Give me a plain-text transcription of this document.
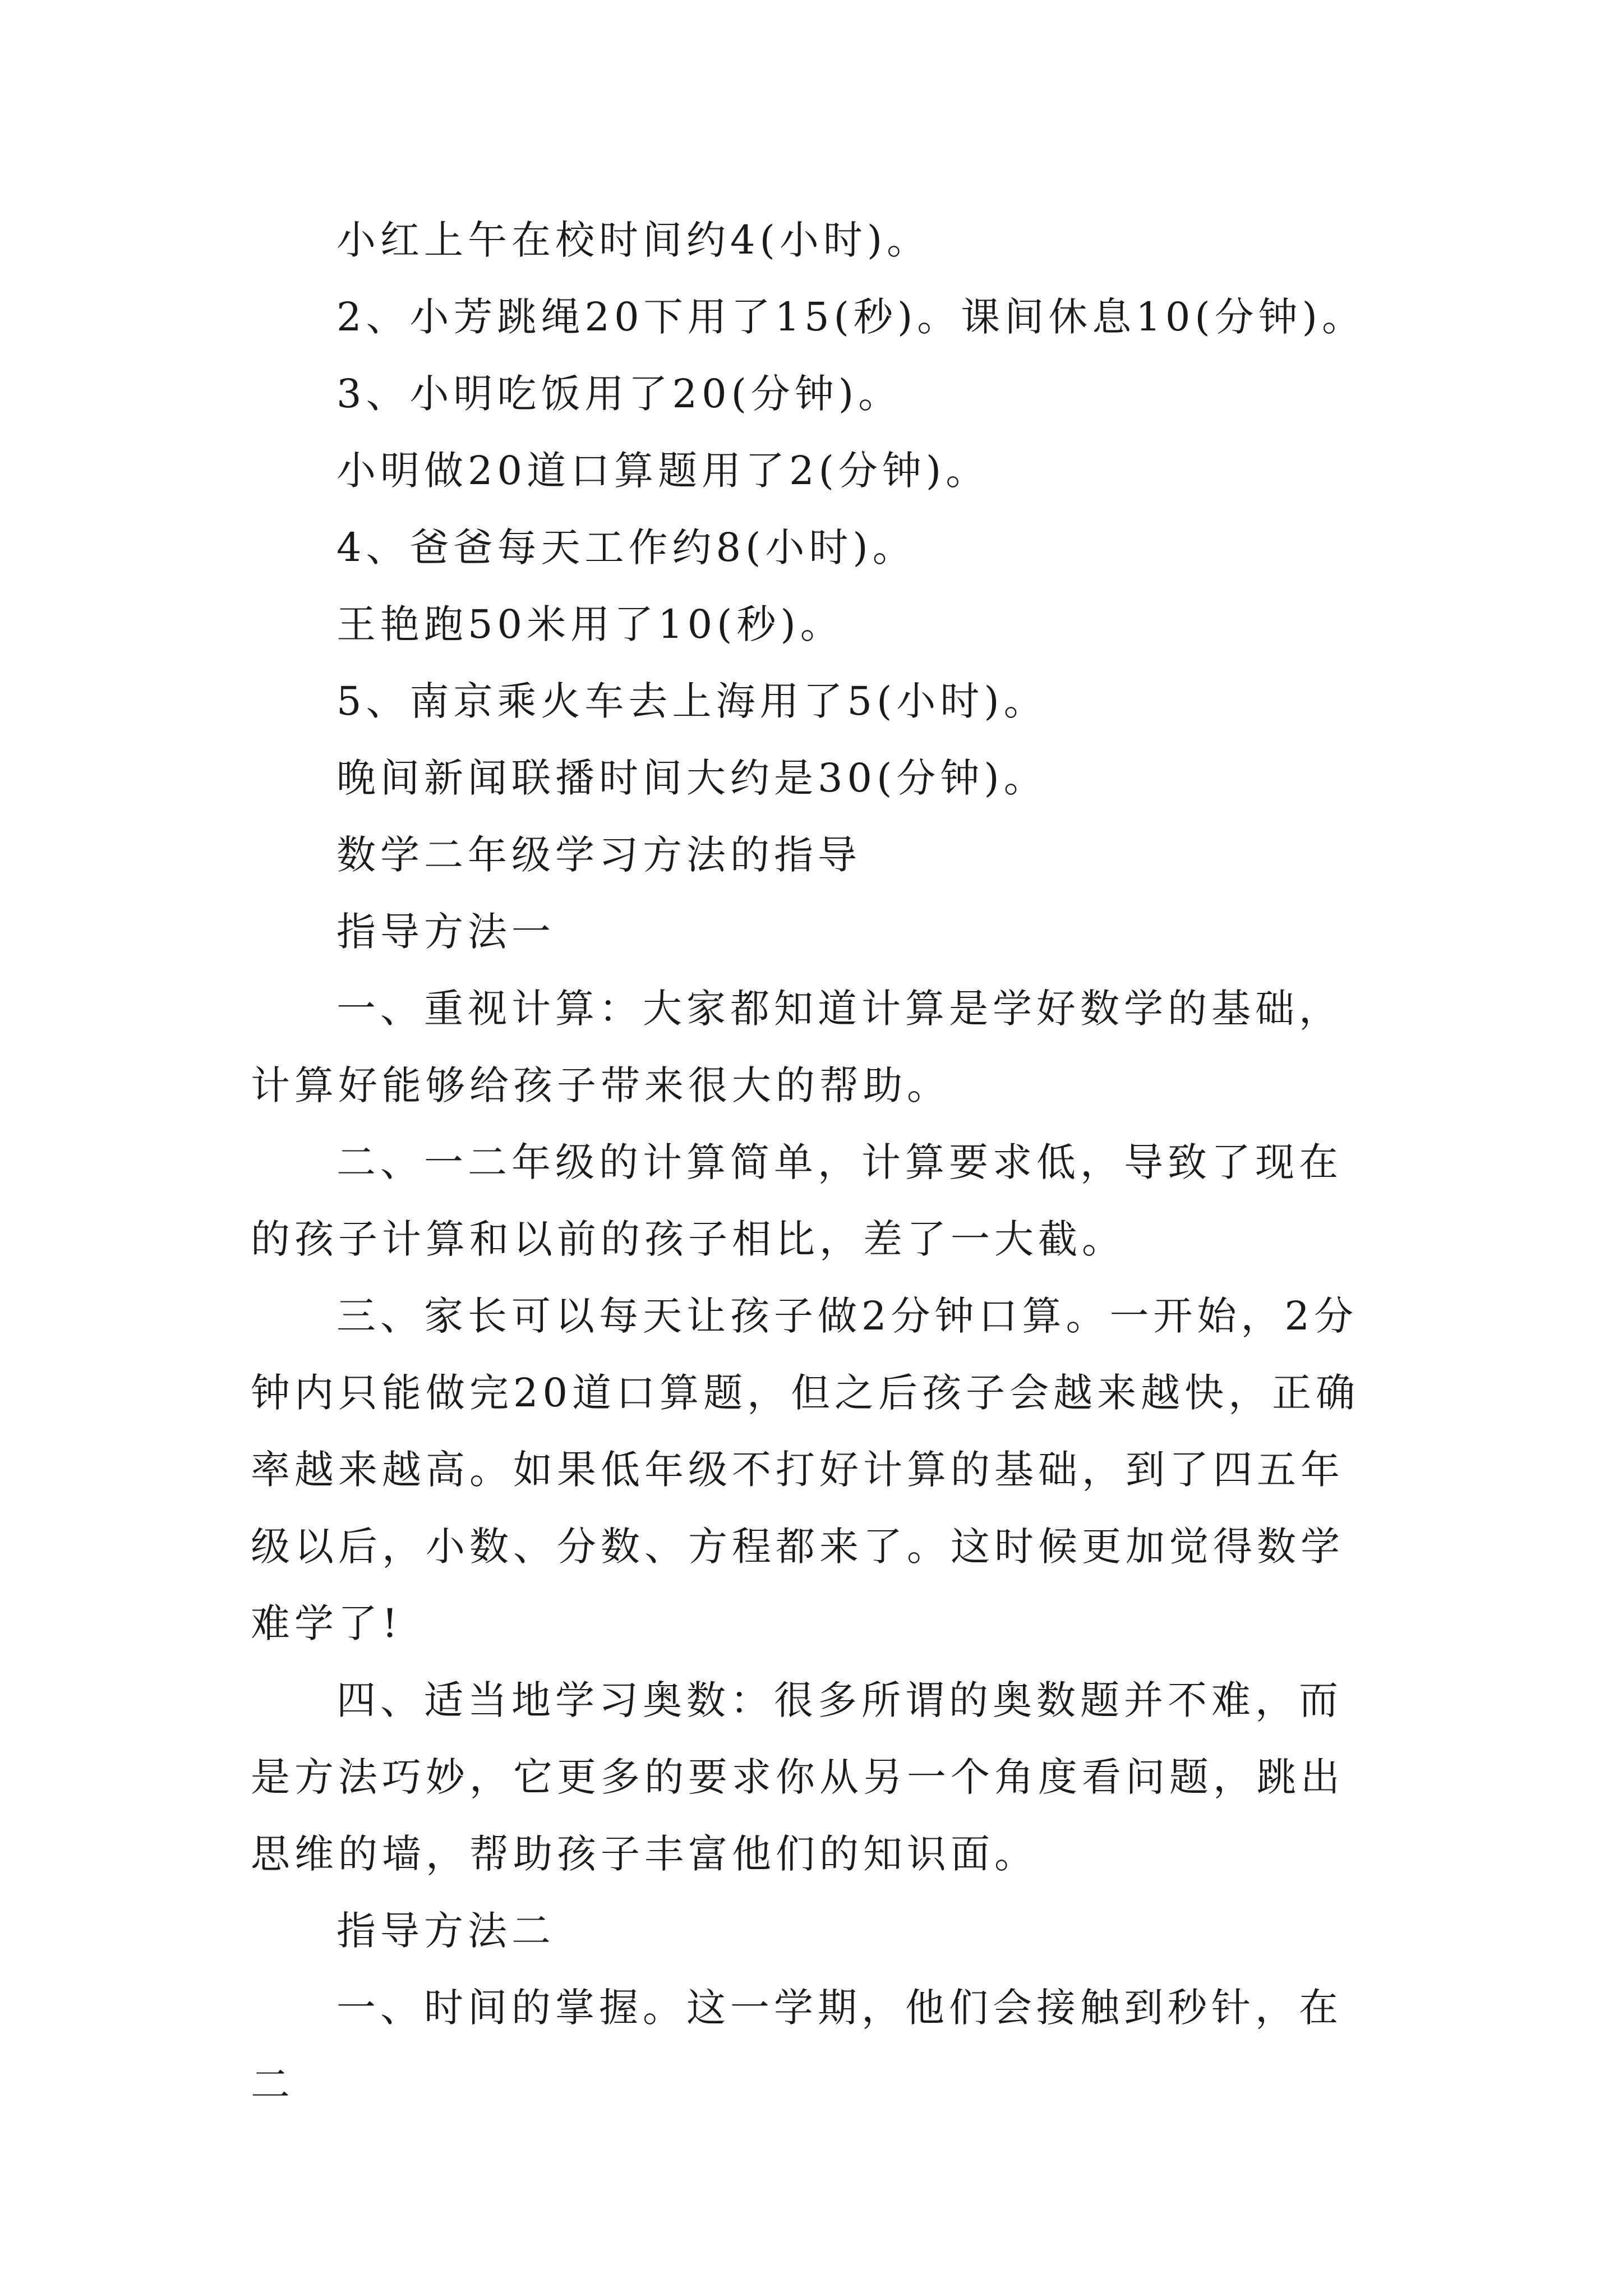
小红上午在校时间约4(小时)。

2、小芳跳绳20下用了15(秒)。课间休息10(分钟)。

3、小明吃饭用了20(分钟)。

小明做20道口算题用了2(分钟)。

4、爸爸每天工作约8(小时)。

王艳跑50米用了10(秒)。

5、南京乘火车去上海用了5(小时)。

晚间新闻联播时间大约是30(分钟)。

数学二年级学习方法的指导

指导方法一

一、重视计算：大家都知道计算是学好数学的基础，计算好能够给孩子带来很大的帮助。

二、一二年级的计算简单，计算要求低，导致了现在的孩子计算和以前的孩子相比，差了一大截。

三、家长可以每天让孩子做2分钟口算。一开始，2分钟内只能做完20道口算题，但之后孩子会越来越快，正确率越来越高。如果低年级不打好计算的基础，到了四五年级以后，小数、分数、方程都来了。这时候更加觉得数学难学了!

四、适当地学习奥数：很多所谓的奥数题并不难，而是方法巧妙，它更多的要求你从另一个角度看问题，跳出思维的墙，帮助孩子丰富他们的知识面。

指导方法二

一、时间的掌握。这一学期，他们会接触到秒针，在二
